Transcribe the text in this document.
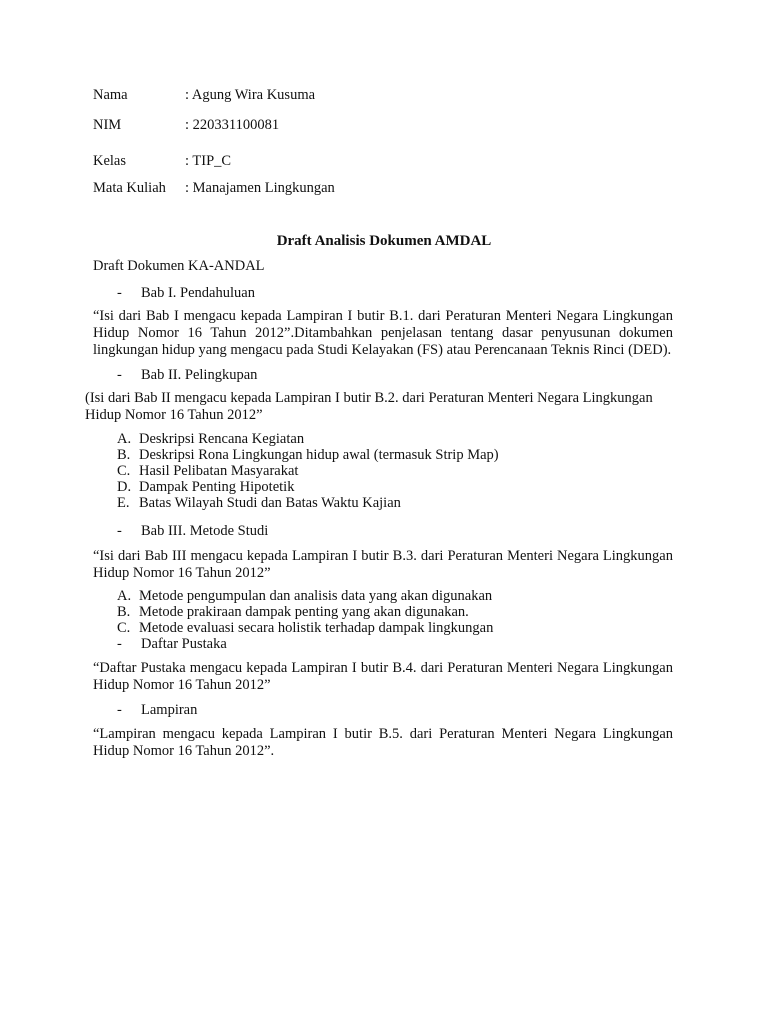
Nama	: Agung Wira Kusuma
NIM	: 220331100081
Kelas	: TIP_C
Mata Kuliah : Manajamen Lingkungan
Draft Analisis Dokumen AMDAL
Draft Dokumen KA-ANDAL
- Bab I. Pendahuluan
“Isi dari Bab I mengacu kepada Lampiran I butir B.1. dari Peraturan Menteri Negara Lingkungan Hidup Nomor 16 Tahun 2012”.Ditambahkan penjelasan tentang dasar penyusunan dokumen lingkungan hidup yang mengacu pada Studi Kelayakan (FS) atau Perencanaan Teknis Rinci (DED).
- Bab II. Pelingkupan
(Isi dari Bab II mengacu kepada Lampiran I butir B.2. dari Peraturan Menteri Negara Lingkungan Hidup Nomor 16 Tahun 2012”
A. Deskripsi Rencana Kegiatan
B. Deskripsi Rona Lingkungan hidup awal (termasuk Strip Map)
C. Hasil Pelibatan Masyarakat
D. Dampak Penting Hipotetik
E. Batas Wilayah Studi dan Batas Waktu Kajian
- Bab III. Metode Studi
“Isi dari Bab III mengacu kepada Lampiran I butir B.3. dari Peraturan Menteri Negara Lingkungan Hidup Nomor 16 Tahun 2012”
A. Metode pengumpulan dan analisis data yang akan digunakan
B. Metode prakiraan dampak penting yang akan digunakan.
C. Metode evaluasi secara holistik terhadap dampak lingkungan
- Daftar Pustaka
“Daftar Pustaka mengacu kepada Lampiran I butir B.4. dari Peraturan Menteri Negara Lingkungan Hidup Nomor 16 Tahun 2012”
- Lampiran
“Lampiran mengacu kepada Lampiran I butir B.5. dari Peraturan Menteri Negara Lingkungan Hidup Nomor 16 Tahun 2012”.
